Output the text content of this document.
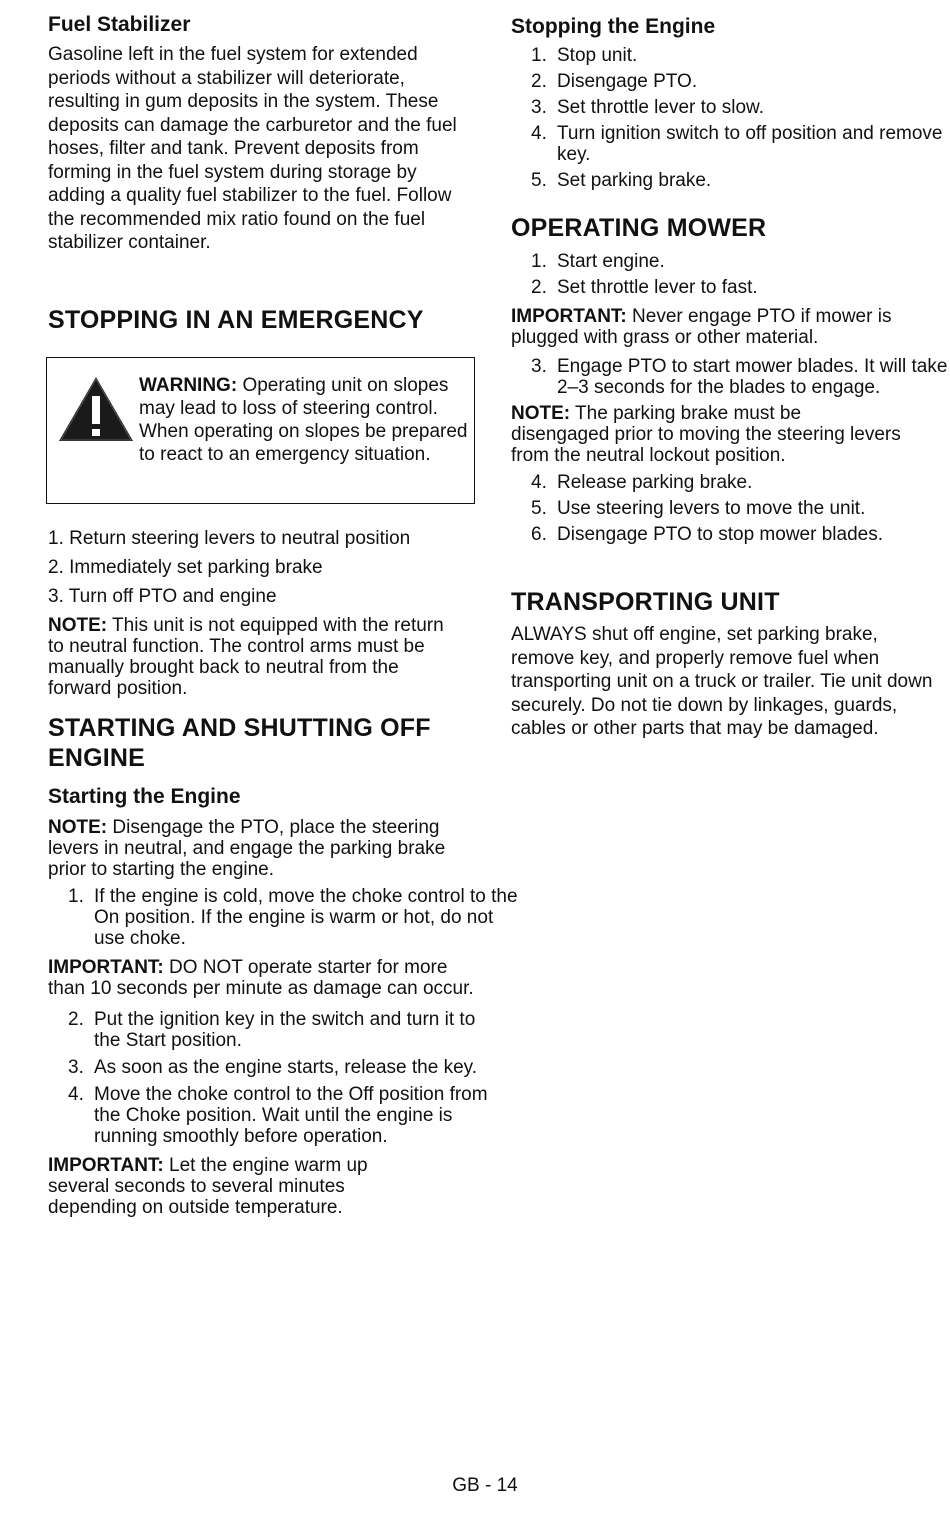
Fuel Stabilizer

Gasoline left in the fuel system for extended periods without a stabilizer will deteriorate, resulting in gum deposits in the system. These deposits can damage the carburetor and the fuel hoses, filter and tank. Prevent deposits from forming in the fuel system during storage by adding a quality fuel stabilizer to the fuel. Follow the recommended mix ratio found on the fuel stabilizer container.

STOPPING IN AN EMERGENCY
WARNING: Operating unit on slopes may lead to loss of steering control. When operating on slopes be prepared to react to an emergency situation.
1. Return steering levers to neutral position
2. Immediately set parking brake
3. Turn off PTO and engine

NOTE: This unit is not equipped with the return to neutral function. The control arms must be manually brought back to neutral from the forward position.

STARTING AND SHUTTING OFF ENGINE
Starting the Engine

NOTE: Disengage the PTO, place the steering levers in neutral, and engage the parking brake prior to starting the engine.

1. If the engine is cold, move the choke control to the On position. If the engine is warm or hot, do not use choke.

IMPORTANT: DO NOT operate starter for more than 10 seconds per minute as damage can occur.

2. Put the ignition key in the switch and turn it to the Start position.
3. As soon as the engine starts, release the key.
4. Move the choke control to the Off position from the Choke position. Wait until the engine is running smoothly before operation.

IMPORTANT: Let the engine warm up several seconds to several minutes depending on outside temperature.

Stopping the Engine
1. Stop unit.
2. Disengage PTO.
3. Set throttle lever to slow.
4. Turn ignition switch to off position and remove key.
5. Set parking brake.
OPERATING MOWER
1. Start engine.
2. Set throttle lever to fast.

IMPORTANT: Never engage PTO if mower is plugged with grass or other material.

3. Engage PTO to start mower blades. It will take 2–3 seconds for the blades to engage.

NOTE: The parking brake must be disengaged prior to moving the steering levers from the neutral lockout position.

4. Release parking brake.
5. Use steering levers to move the unit.
6. Disengage PTO to stop mower blades.
TRANSPORTING UNIT

ALWAYS shut off engine, set parking brake, remove key, and properly remove fuel when transporting unit on a truck or trailer. Tie unit down securely. Do not tie down by linkages, guards, cables or other parts that may be damaged.

GB - 14
